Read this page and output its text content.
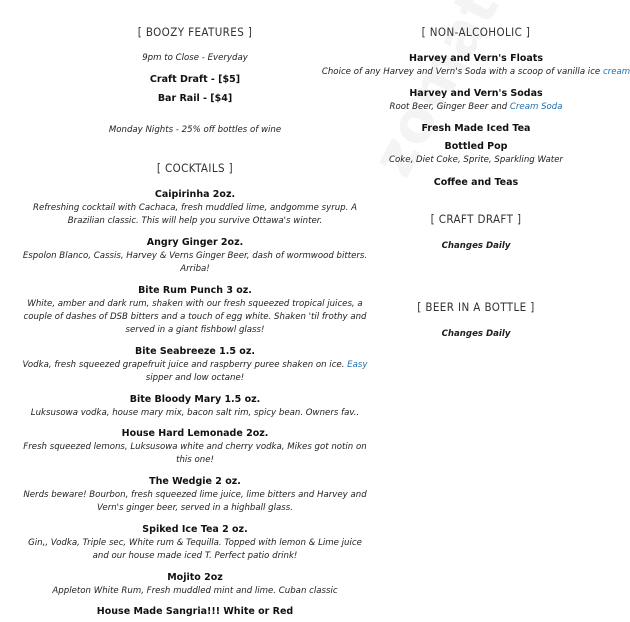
[ BOOZY FEATURES ]
9pm to Close - Everyday
Craft Draft - [$5]
Bar Rail - [$4]
Monday Nights - 25% off bottles of wine
[ COCKTAILS ]
Caipirinha 2oz.
Refreshing cocktail with Cachaca, fresh muddled lime, andgomme syrup. A
Brazilian classic. This will help you survive Ottawa's winter.
Angry Ginger 2oz.
Espolon Blanco, Cassis, Harvey & Verns Ginger Beer, dash of wormwood bitters.
Arriba!
Bite Rum Punch 3 oz.
White, amber and dark rum, shaken with our fresh squeezed tropical juices, a
couple of dashes of DSB bitters and a touch of egg white. Shaken 'til frothy and
served in a giant fishbowl glass!
Bite Seabreeze 1.5 oz.
Vodka, fresh squeezed grapefruit juice and raspberry puree shaken on ice. Easy
sipper and low octane!
Bite Bloody Mary 1.5 oz.
Luksusowa vodka, house mary mix, bacon salt rim, spicy bean. Owners fav..
House Hard Lemonade 2oz.
Fresh squeezed lemons, Luksusowa white and cherry vodka, Mikes got notin on
this one!
The Wedgie 2 oz.
Nerds beware! Bourbon, fresh squeezed lime juice, lime bitters and Harvey and
Vern's ginger beer, served in a highball glass.
Spiked Ice Tea 2 oz.
Gin,, Vodka, Triple sec, White rum & Tequilla. Topped with lemon & Lime juice
and our house made iced T. Perfect patio drink!
Mojito 2oz
Appleton White Rum, Fresh muddled mint and lime. Cuban classic
House Made Sangria!!! White or Red
[ NON-ALCOHOLIC ]
Harvey and Vern's Floats
Choice of any Harvey and Vern's Soda with a scoop of vanilla ice cream
Harvey and Vern's Sodas
Root Beer, Ginger Beer and Cream Soda
Fresh Made Iced Tea
Bottled Pop
Coke, Diet Coke, Sprite, Sparkling Water
Coffee and Teas
[ CRAFT DRAFT ]
Changes Daily
[ BEER IN A BOTTLE ]
Changes Daily
